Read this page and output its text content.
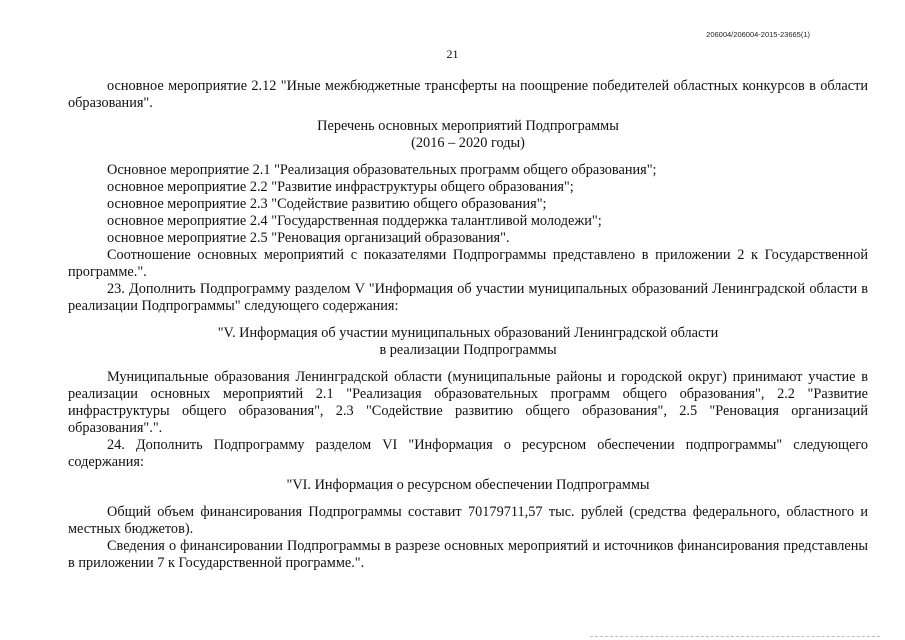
206004/206004-2015-23665(1)
21

основное мероприятие 2.12 "Иные межбюджетные трансферты на поощрение победителей областных конкурсов в области образования".

Перечень основных мероприятий Подпрограммы

(2016 – 2020 годы)

Основное мероприятие 2.1 "Реализация образовательных программ общего образования";

основное мероприятие 2.2 "Развитие инфраструктуры общего образования";

основное мероприятие 2.3 "Содействие развитию общего образования";

основное мероприятие 2.4 "Государственная поддержка талантливой молодежи";

основное мероприятие 2.5 "Реновация организаций образования".

Соотношение основных мероприятий с показателями Подпрограммы представлено в приложении 2 к Государственной программе.".

23. Дополнить Подпрограмму разделом V "Информация об участии муниципальных образований Ленинградской области в реализации Подпрограммы" следующего содержания:

"V. Информация об участии муниципальных образований Ленинградской области

в реализации Подпрограммы

Муниципальные образования Ленинградской области (муниципальные районы и городской округ) принимают участие в реализации основных мероприятий 2.1 "Реализация образовательных программ общего образования", 2.2 "Развитие инфраструктуры общего образования", 2.3 "Содействие развитию общего образования", 2.5 "Реновация организаций образования".".

24. Дополнить Подпрограмму разделом VI "Информация о ресурсном обеспечении подпрограммы" следующего содержания:

"VI. Информация о ресурсном обеспечении Подпрограммы

Общий объем финансирования Подпрограммы составит 70179711,57 тыс. рублей (средства федерального, областного и местных бюджетов).

Сведения о финансировании Подпрограммы в разрезе основных мероприятий и источников финансирования представлены в приложении 7 к Государственной программе.".
